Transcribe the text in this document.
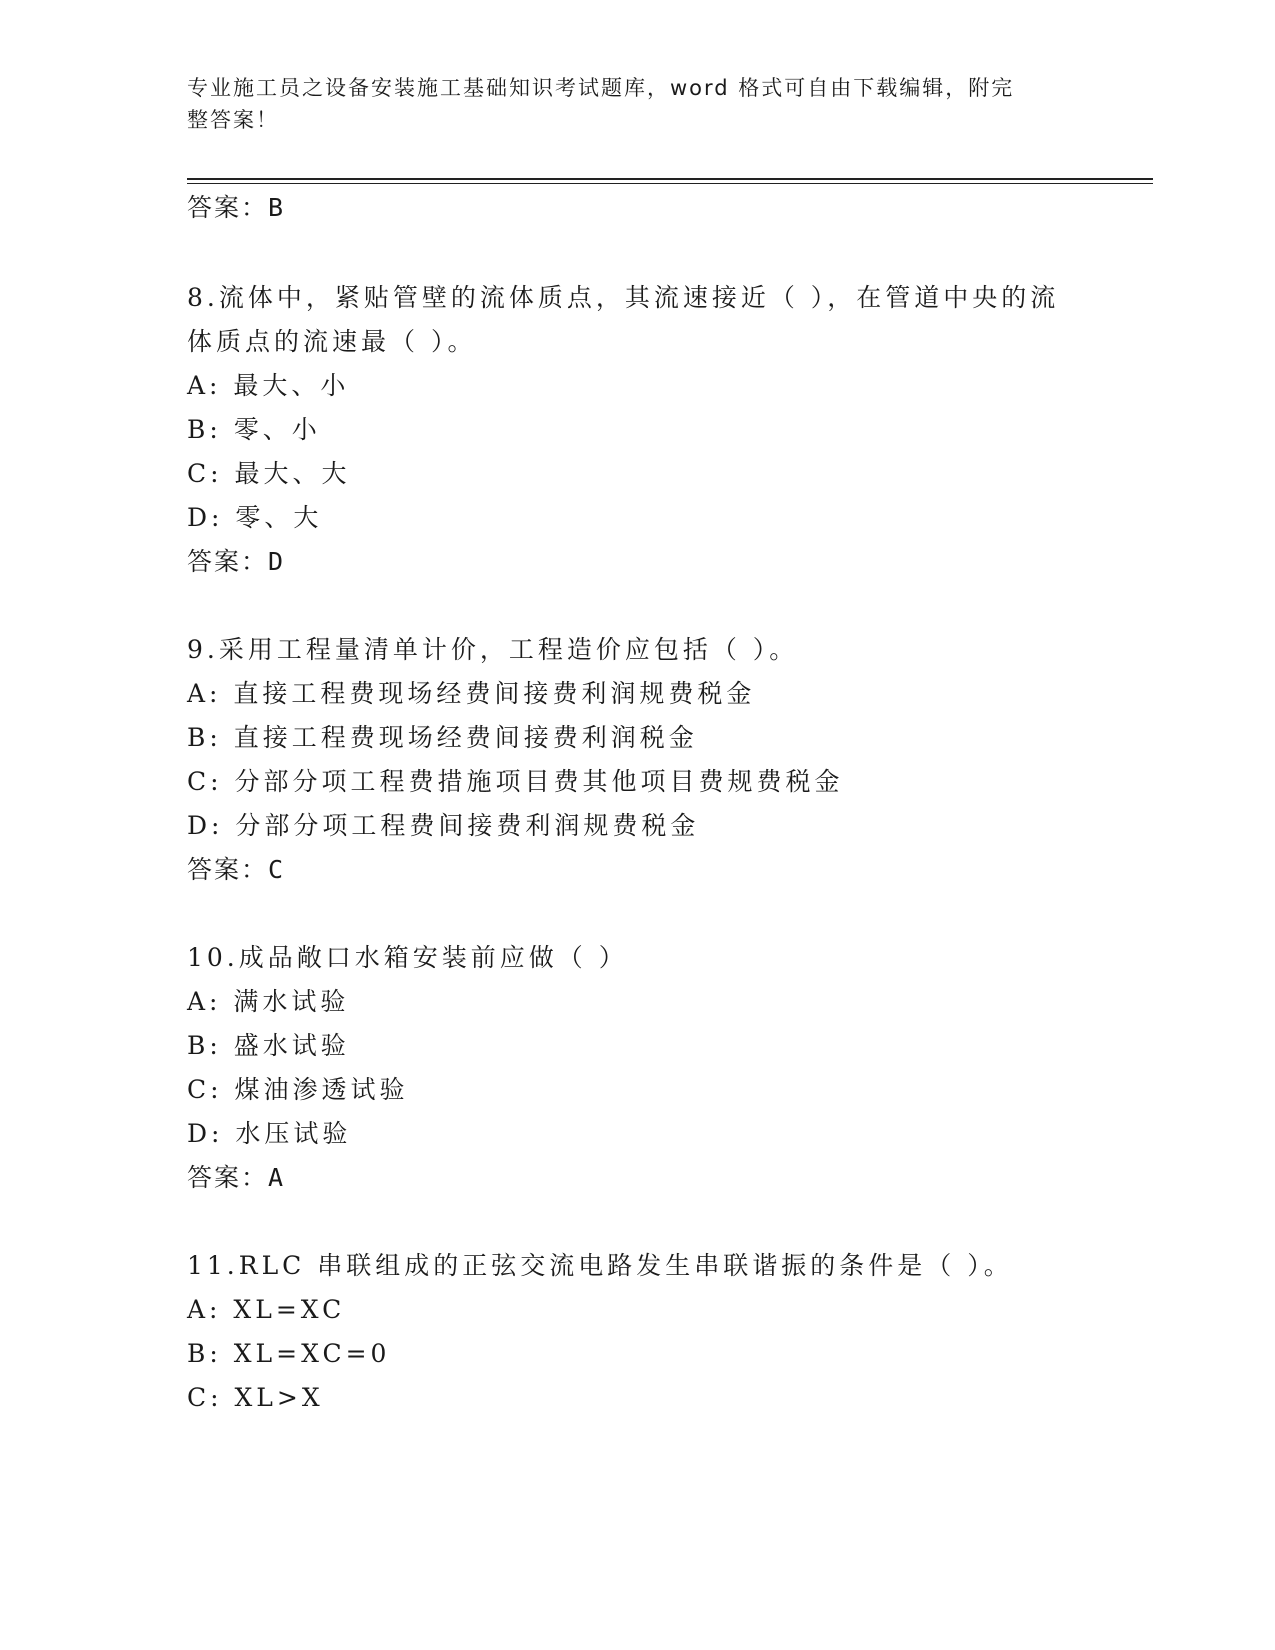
专业施工员之设备安装施工基础知识考试题库，word 格式可自由下载编辑，附完
整答案！
答案：B
8.流体中，紧贴管壁的流体质点，其流速接近（ ），在管道中央的流
体质点的流速最（ ）。
A: 最大、小
B: 零、小
C: 最大、大
D: 零、大
答案：D
9.采用工程量清单计价，工程造价应包括（ ）。
A: 直接工程费现场经费间接费利润规费税金
B: 直接工程费现场经费间接费利润税金
C: 分部分项工程费措施项目费其他项目费规费税金
D: 分部分项工程费间接费利润规费税金
答案：C
10.成品敞口水箱安装前应做（ ）
A: 满水试验
B: 盛水试验
C: 煤油渗透试验
D: 水压试验
答案：A
11.RLC 串联组成的正弦交流电路发生串联谐振的条件是（ ）。
A: XL=XC
B: XL=XC=0
C: XL>X
